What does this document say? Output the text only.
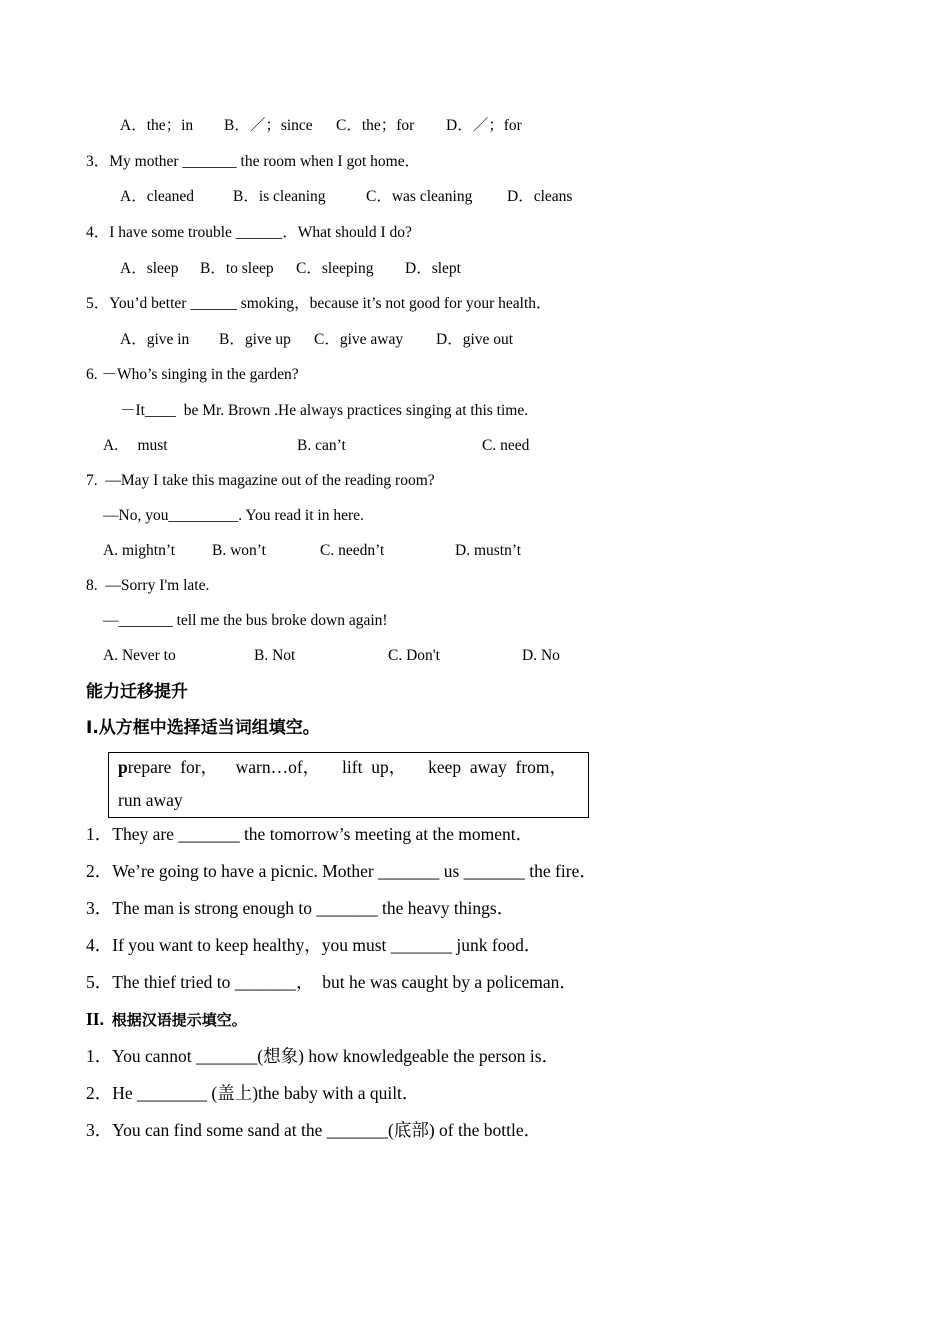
A．the；in B．／；since C．the；for D．／；for
3．My mother _______ the room when I got home．
A．cleaned	B．is cleaning	C．was cleaning D．cleans
4．I have some trouble ______．What should I do?
A．sleep B．to sleep C．sleeping D．slept
5．You’d better ______ smoking，because it’s not good for your health．
A．give in B．give up C．give away D．give out
6. －Who’s singing in the garden?
－It____  be Mr. Brown .He always practices singing at this time.
A.     must	B. can’t	C. need
7.  —May I take this magazine out of the reading room?
—No, you_________. You read it in here.
A. mightn’t B. won’t	C. needn’t	D. mustn’t
8.  —Sorry I'm late.
—_______ tell me the bus broke down again!
A. Never to	B. Not	C. Don't	D. No
能力迁移提升
I.从方框中选择适当词组填空。
prepare  for，    warn…of，     lift  up，     keep  away  from，
run away
1．They are _______ the tomorrow’s meeting at the moment．
2．We’re going to have a picnic. Mother _______ us _______ the fire．
3．The man is strong enough to _______ the heavy things．
4．If you want to keep healthy，you must _______ junk food．
5．The thief tried to _______，  but he was caught by a policeman．
II. 根据汉语提示填空。
1．You cannot _______(想象) how knowledgeable the person is．
2．He ________ (盖上)the baby with a quilt．
3．You can find some sand at the _______(底部) of the bottle．
